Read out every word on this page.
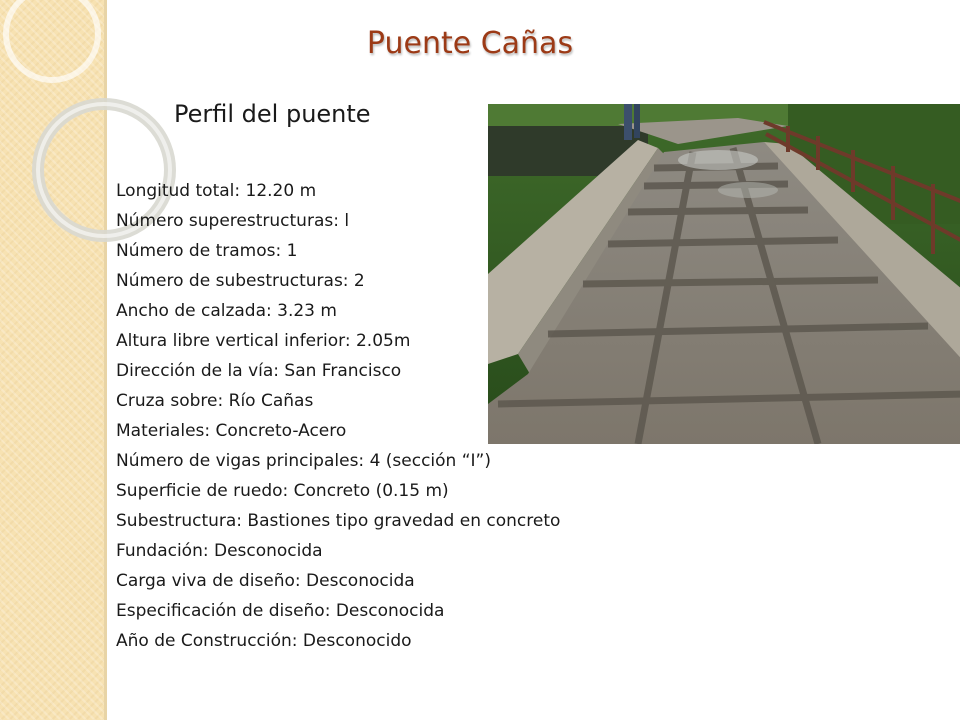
Puente Cañas
Perfil del puente
Longitud total: 12.20 m
Número superestructuras: l
Número de tramos: 1
Número de subestructuras: 2
Ancho de calzada: 3.23 m
Altura libre vertical inferior: 2.05m
Dirección de la vía: San Francisco
Cruza sobre: Río Cañas
Materiales: Concreto-Acero
Número de vigas principales: 4 (sección “I”)
Superficie de ruedo: Concreto (0.15 m)
Subestructura: Bastiones tipo gravedad en concreto
Fundación: Desconocida
Carga viva de diseño: Desconocida
Especificación de diseño: Desconocida
Año de Construcción: Desconocido
